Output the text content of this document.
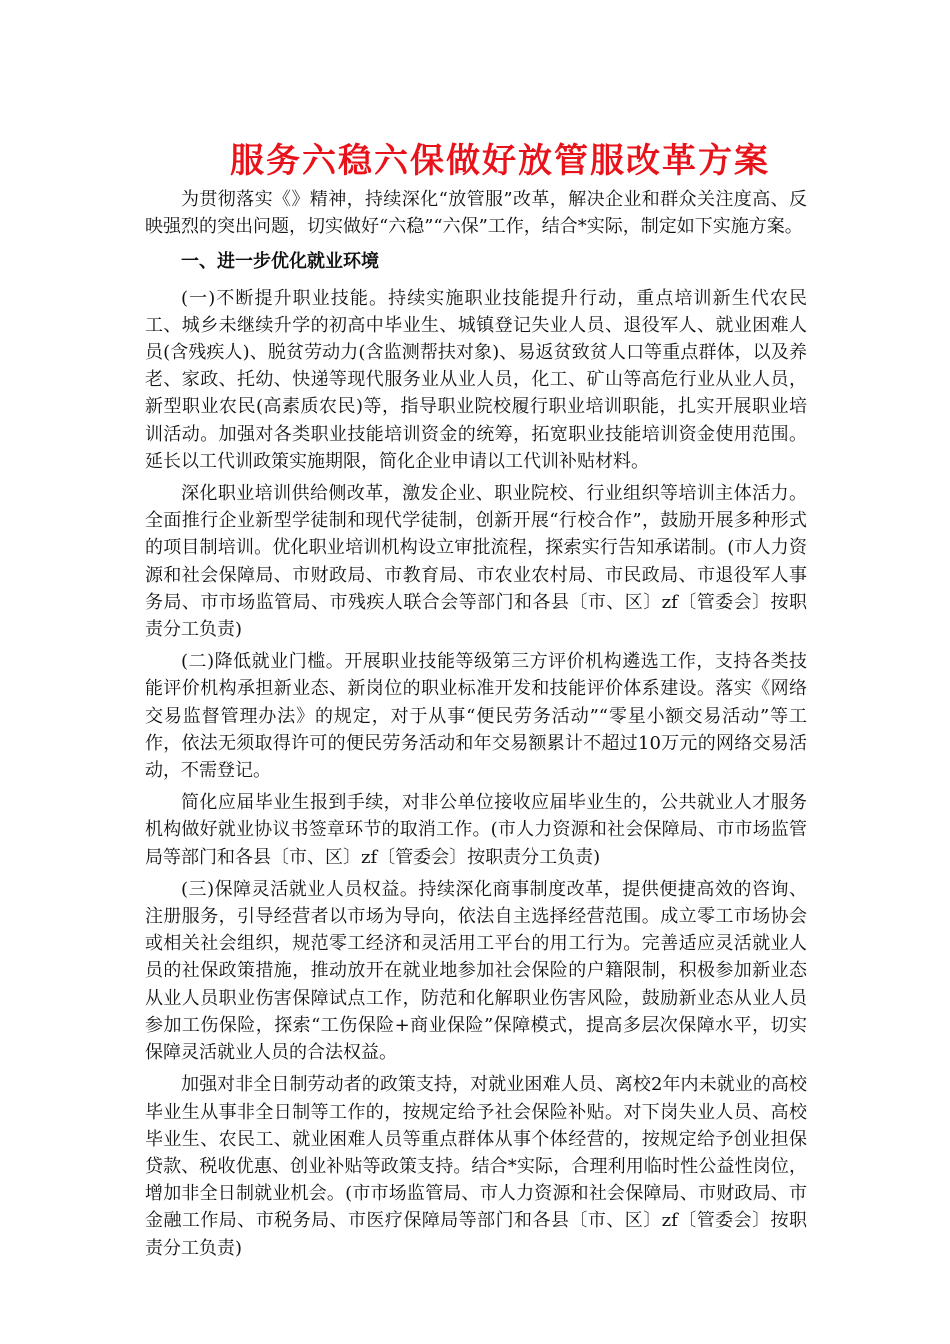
服务六稳六保做好放管服改革方案

为贯彻落实《》精神，持续深化“放管服”改革，解决企业和群众关注度高、反映强烈的突出问题，切实做好“六稳”“六保”工作，结合*实际，制定如下实施方案。

一、进一步优化就业环境

(一)不断提升职业技能。持续实施职业技能提升行动，重点培训新生代农民工、城乡未继续升学的初高中毕业生、城镇登记失业人员、退役军人、就业困难人员(含残疾人)、脱贫劳动力(含监测帮扶对象)、易返贫致贫人口等重点群体，以及养老、家政、托幼、快递等现代服务业从业人员，化工、矿山等高危行业从业人员，新型职业农民(高素质农民)等，指导职业院校履行职业培训职能，扎实开展职业培训活动。加强对各类职业技能培训资金的统筹，拓宽职业技能培训资金使用范围。延长以工代训政策实施期限，简化企业申请以工代训补贴材料。

深化职业培训供给侧改革，激发企业、职业院校、行业组织等培训主体活力。全面推行企业新型学徒制和现代学徒制，创新开展“行校合作”，鼓励开展多种形式的项目制培训。优化职业培训机构设立审批流程，探索实行告知承诺制。(市人力资源和社会保障局、市财政局、市教育局、市农业农村局、市民政局、市退役军人事务局、市市场监管局、市残疾人联合会等部门和各县〔市、区〕zf〔管委会〕按职责分工负责)

(二)降低就业门槛。开展职业技能等级第三方评价机构遴选工作，支持各类技能评价机构承担新业态、新岗位的职业标准开发和技能评价体系建设。落实《网络交易监督管理办法》的规定，对于从事“便民劳务活动”“零星小额交易活动”等工作，依法无须取得许可的便民劳务活动和年交易额累计不超过10万元的网络交易活动，不需登记。

简化应届毕业生报到手续，对非公单位接收应届毕业生的，公共就业人才服务机构做好就业协议书签章环节的取消工作。(市人力资源和社会保障局、市市场监管局等部门和各县〔市、区〕zf〔管委会〕按职责分工负责)

(三)保障灵活就业人员权益。持续深化商事制度改革，提供便捷高效的咨询、注册服务，引导经营者以市场为导向，依法自主选择经营范围。成立零工市场协会或相关社会组织，规范零工经济和灵活用工平台的用工行为。完善适应灵活就业人员的社保政策措施，推动放开在就业地参加社会保险的户籍限制，积极参加新业态从业人员职业伤害保障试点工作，防范和化解职业伤害风险，鼓励新业态从业人员参加工伤保险，探索“工伤保险+商业保险”保障模式，提高多层次保障水平，切实保障灵活就业人员的合法权益。

加强对非全日制劳动者的政策支持，对就业困难人员、离校2年内未就业的高校毕业生从事非全日制等工作的，按规定给予社会保险补贴。对下岗失业人员、高校毕业生、农民工、就业困难人员等重点群体从事个体经营的，按规定给予创业担保贷款、税收优惠、创业补贴等政策支持。结合*实际，合理利用临时性公益性岗位，增加非全日制就业机会。(市市场监管局、市人力资源和社会保障局、市财政局、市金融工作局、市税务局、市医疗保障局等部门和各县〔市、区〕zf〔管委会〕按职责分工负责)
